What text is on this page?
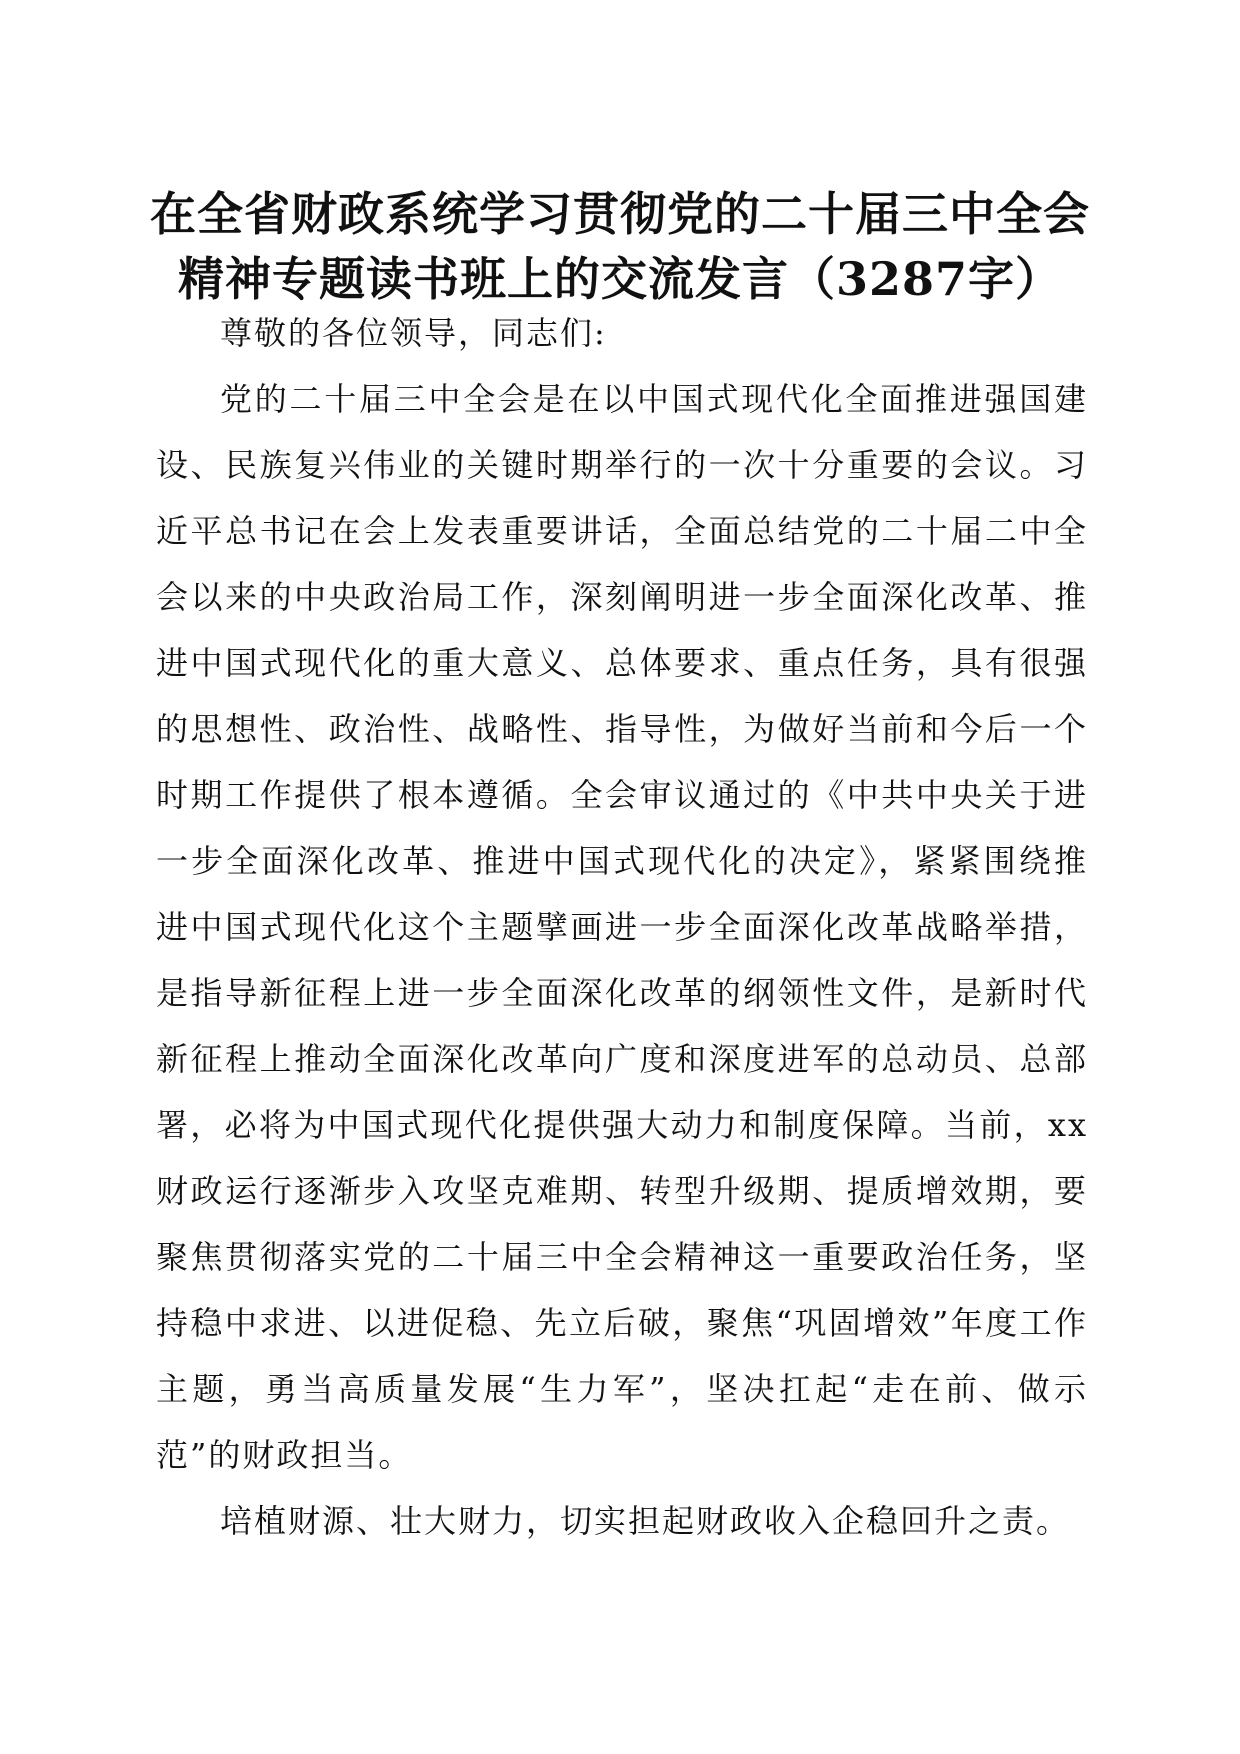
在全省财政系统学习贯彻党的二十届三中全会
精神专题读书班上的交流发言（3287字）

尊敬的各位领导，同志们:

党的二十届三中全会是在以中国式现代化全面推进强国建设、民族复兴伟业的关键时期举行的一次十分重要的会议。习近平总书记在会上发表重要讲话，全面总结党的二十届二中全会以来的中央政治局工作，深刻阐明进一步全面深化改革、推进中国式现代化的重大意义、总体要求、重点任务，具有很强的思想性、政治性、战略性、指导性，为做好当前和今后一个时期工作提供了根本遵循。全会审议通过的《中共中央关于进一步全面深化改革、推进中国式现代化的决定》，紧紧围绕推进中国式现代化这个主题擘画进一步全面深化改革战略举措，是指导新征程上进一步全面深化改革的纲领性文件，是新时代新征程上推动全面深化改革向广度和深度进军的总动员、总部署，必将为中国式现代化提供强大动力和制度保障。当前，xx财政运行逐渐步入攻坚克难期、转型升级期、提质增效期，要聚焦贯彻落实党的二十届三中全会精神这一重要政治任务，坚持稳中求进、以进促稳、先立后破，聚焦“巩固增效”年度工作主题，勇当高质量发展“生力军”，坚决扛起“走在前、做示范”的财政担当。

培植财源、壮大财力，切实担起财政收入企稳回升之责。
